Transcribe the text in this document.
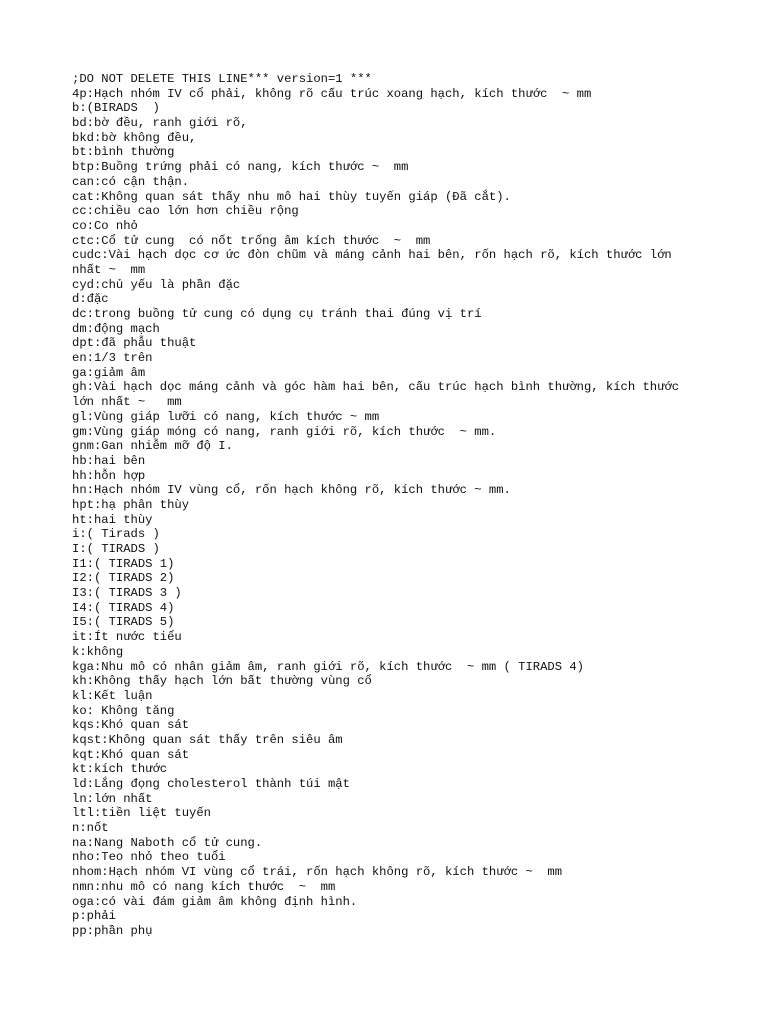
;DO NOT DELETE THIS LINE*** version=1 ***
4p:Hạch nhóm IV cổ phải, không rõ cấu trúc xoang hạch, kích thước  ~ mm
b:(BIRADS  )
bd:bờ đều, ranh giới rõ,
bkd:bờ không đều,
bt:bình thường
btp:Buồng trứng phải có nang, kích thước ~  mm
can:có cận thận.
cat:Không quan sát thấy nhu mô hai thùy tuyến giáp (Đã cắt).
cc:chiều cao lớn hơn chiều rộng
co:Co nhỏ
ctc:Cổ tử cung  có nốt trống âm kích thước  ~  mm
cudc:Vài hạch dọc cơ ức đòn chũm và máng cảnh hai bên, rốn hạch rõ, kích thước lớn
nhất ~  mm
cyd:chủ yếu là phần đặc
d:đặc
dc:trong buồng tử cung có dụng cụ tránh thai đúng vị trí
dm:động mạch
dpt:đã phẫu thuật
en:1/3 trên
ga:giảm âm
gh:Vài hạch dọc máng cảnh và góc hàm hai bên, cấu trúc hạch bình thường, kích thước
lớn nhất ~   mm
gl:Vùng giáp lưỡi có nang, kích thước ~ mm
gm:Vùng giáp móng có nang, ranh giới rõ, kích thước  ~ mm.
gnm:Gan nhiễm mỡ độ I.
hb:hai bên
hh:hỗn hợp
hn:Hạch nhóm IV vùng cổ, rốn hạch không rõ, kích thước ~ mm.
hpt:hạ phân thùy
ht:hai thùy
i:( Tirads )
I:( TIRADS )
I1:( TIRADS 1)
I2:( TIRADS 2)
I3:( TIRADS 3 )
I4:( TIRADS 4)
I5:( TIRADS 5)
it:Ít nước tiểu
k:không
kga:Nhu mô có nhân giảm âm, ranh giới rõ, kích thước  ~ mm ( TIRADS 4)
kh:Không thấy hạch lớn bất thường vùng cổ
kl:Kết luận
ko: Không tăng
kqs:Khó quan sát
kqst:Không quan sát thấy trên siêu âm
kqt:Khó quan sát
kt:kích thước
ld:Lắng đọng cholesterol thành túi mật
ln:lớn nhất
ltl:tiền liệt tuyến
n:nốt
na:Nang Naboth cổ tử cung.
nho:Teo nhỏ theo tuổi
nhom:Hạch nhóm VI vùng cổ trái, rốn hạch không rõ, kích thước ~  mm
nmn:nhu mô có nang kích thước  ~  mm
oga:có vài đám giảm âm không định hình.
p:phải
pp:phần phụ
